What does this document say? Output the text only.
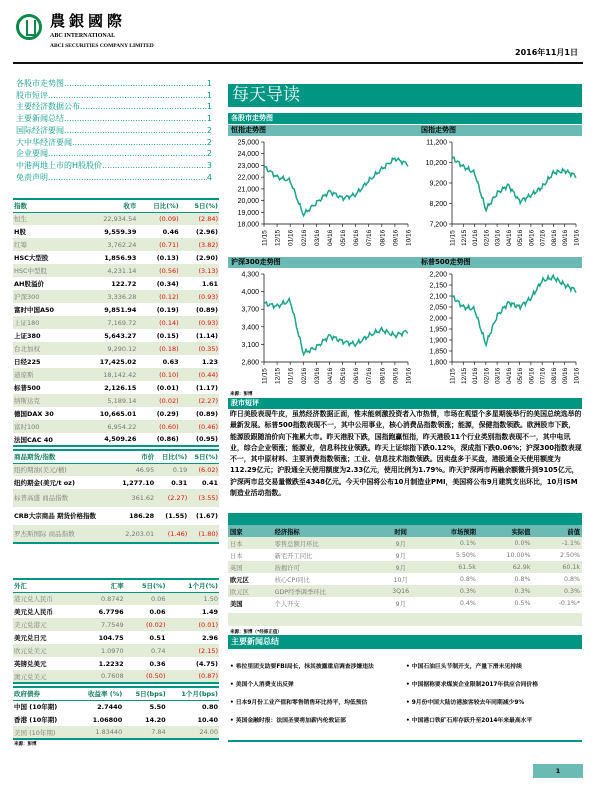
農銀國際
ABC INTERNATIONAL
ABCI SECURITIES COMPANY LIMITED
2016年11月1日
各股市走势图 .....	1
股市短评 .....	1
主要经济数据公布 .....	1
主要新闻总结 .....	1
国际经济要闻 .....	2
大中华经济要闻 .....	2
企业要闻 .....	2
中港两地上市的H股股价 .....	3
免责声明 .....	4
指数	收市	日比(%)	5日(%)
恒生	22,934.54	(0.09)	(2.84)
H股	9,559.39	0.46	(2.96)
红筹	3,762.24	(0.71)	(3.82)
HSC大型股	1,856.93	(0.13)	(2.90)
HSC中型股	4,231.14	(0.56)	(3.13)
AH股溢价	122.72	(0.34)	1.61
沪深300	3,336.28	(0.12)	(0.93)
富时中国A50	9,851.94	(0.19)	(0.89)
上证180	7,169.72	(0.14)	(0.93)
上证380	5,643.27	(0.15)	(1.14)
台北加权	9,290.12	(0.18)	(0.35)
日经225	17,425.02	0.63	1.23
道琼斯	18,142.42	(0.10)	(0.44)
标普500	2,126.15	(0.01)	(1.17)
纳斯达克	5,189.14	(0.02)	(2.27)
德国DAX 30	10,665.01	(0.29)	(0.89)
富时100	6,954.22	(0.60)	(0.46)
法国CAC 40	4,509.26	(0.86)	(0.95)
商品期货/指数	市价	日比(%)	5日(%)
纽约期油(美元/桶)	46.95	0.19	(6.02)
纽约期金(美元/t oz)	1,277.10	0.31	0.41
标普高盛 商品指数	361.62	(2.27)	(3.55)
CRB大宗商品 期货价格指数	186.28	(1.55)	(1.67)
罗杰斯国际 商品指数	2,203.01	(1.46)	(1.80)
外汇	汇率	5日(%)	1个月(%)
港元兑人民币	0.8742	0.06	1.50
美元兑人民币	6.7796	0.06	1.49
美元兑港元	7.7549	(0.02)	(0.01)
美元兑日元	104.75	0.51	2.96
欧元兑美元	1.0970	0.74	(2.15)
英镑兑美元	1.2232	0.36	(4.75)
澳元兑美元	0.7608	(0.50)	(0.87)
政府债券	收益率 (%)	5日(bps)	1个月(bps)
中国 (10年期)	2.7440	5.50	0.80
香港 (10年期)	1.06800	14.20	10.40
美国 (10年期)	1.83440	7.84	24.00
来源：彭博
每天导读
各股市走势图
恒指走势图	国指走势图
18,000
19,000
20,000
21,000
22,000
23,000
24,000
25,000
11/15 12/15 01/16 02/16 03/16 04/16 05/16 06/16 07/16 08/16 09/16 10/16
7,200
8,200
9,200
10,200
11,200
11/15 12/15 01/16 02/16 03/16 04/16 05/16 06/16 07/16 08/16 09/16 10/16
沪深300走势图	标普500走势图
2,800
3,100
3,400
3,700
4,000
4,300
11/15 12/15 01/16 02/16 03/16 04/16 05/16 06/16 07/16 08/16 09/16 10/16
1,800
1,850
1,900
1,950
2,000
2,050
2,100
2,150
2,200
11/15 12/15 01/16 02/16 03/16 04/16 05/16 06/16 07/16 08/16 09/16 10/16
来源：彭博
股市短评
昨日美股表现牛皮，虽然经济数据正面，惟未能刺激投资者入市热情，市场在观望个多星期後举行的美国总统选举的最新发展。标普500指数表现不一，其中公用事业，核心消费品指数领涨；能源，保健指数领跌。欧洲股市下跌，能源股跟随油价向下拖累大市。昨天港股下跌，国指跑赢恒指，昨天港股11个行业类别指数表现不一，其中电讯业，综合企业领涨；能源业，信息科技业领跌。昨天上证综指下跌0.12%，深成指下跌0.06%；沪深300指数表现不一，其中原材料、主要消费指数领涨；工业、信息技术指数领跌。因卖盘多于买盘，港股通全天使用额度为112.29亿元；沪股通全天使用额度为2.33亿元，使用比例为1.79%。昨天沪深两市两融余额微升到9105亿元，沪深两市总交易量微跌至4348亿元。今天中国将公布10月制造业PMI，美国将公布9月建筑支出环比，10月ISM制造业活动指数。
国家	经济指标	时间	市场预期	实际值	前值
日本	零售总额月环比	9月	0.1%	0.0%	-1.1%
日本	新宅开工同比	9月	5.50%	10.00%	2.50%
英国	按揭许可	9月	61.5k	62.9k	60.1k
欧元区	核心CPI同比	10月	0.8%	0.8%	0.8%
欧元区	GDP经季调季环比	3Q16	0.3%	0.3%	0.3%
美国	个人开支	9月	0.4%	0.5%	-0.1%*
来源：彭博（*经修正值）
主要新闻总结
• 希拉里团支助要FBI局长，抹其披露重启调查涉嫌违法	• 中国石油巨头节制开支，产量下滑未见持续
• 美国个人消费支出反弹	• 中国据称要求煤炭企业限制2017年供应合同价格
• 日本9月份工业产值和零售销售环比持平，均低预估	• 9月份中国大陆访港旅客较去年同期减少9%
• 英国金融时报：法国圣要将加薪内伦敦证部	• 中国港口铁矿石库存跃升至2014年来最高水平
1
